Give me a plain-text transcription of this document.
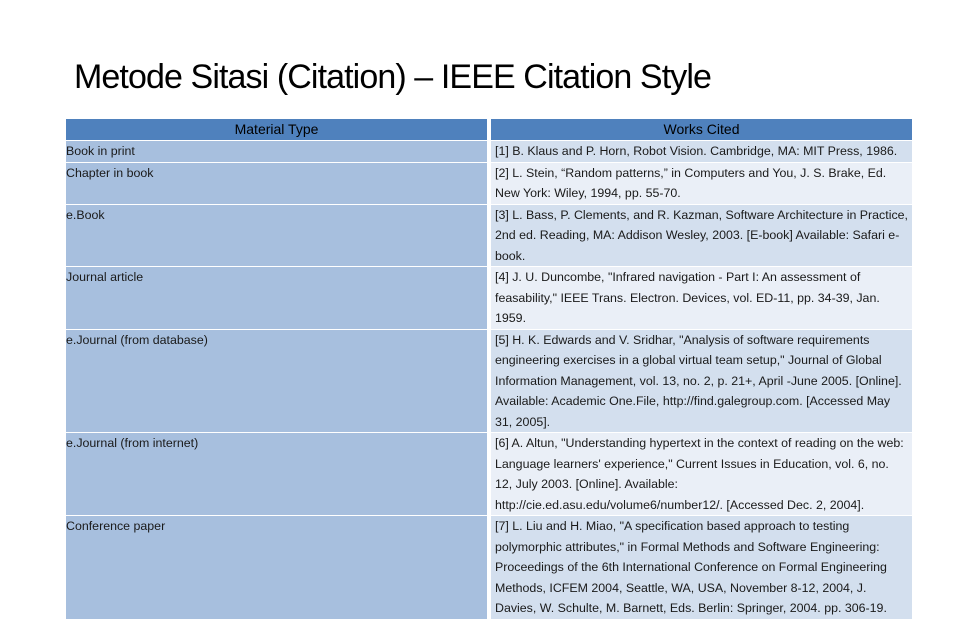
Metode Sitasi (Citation) – IEEE Citation Style
Material Type	Works Cited
Book in print	[1] B. Klaus and P. Horn, Robot Vision. Cambridge, MA: MIT Press, 1986.
Chapter in book	[2] L. Stein, “Random patterns,” in Computers and You, J. S. Brake, Ed. New York: Wiley, 1994, pp. 55-70.
e.Book	[3] L. Bass, P. Clements, and R. Kazman, Software Architecture in Practice, 2nd ed. Reading, MA: Addison Wesley, 2003. [E-book] Available: Safari e-book.
Journal article	[4] J. U. Duncombe, "Infrared navigation - Part I: An assessment of feasability," IEEE Trans. Electron. Devices, vol. ED-11, pp. 34-39, Jan. 1959.
e.Journal (from database)	[5] H. K. Edwards and V. Sridhar, "Analysis of software requirements engineering exercises in a global virtual team setup," Journal of Global Information Management, vol. 13, no. 2, p. 21+, April -June 2005. [Online]. Available: Academic One.File, http://find.galegroup.com. [Accessed May 31, 2005].
e.Journal (from internet)	[6] A. Altun, "Understanding hypertext in the context of reading on the web: Language learners' experience," Current Issues in Education, vol. 6, no. 12, July 2003. [Online]. Available: http://cie.ed.asu.edu/volume6/number12/. [Accessed Dec. 2, 2004].
Conference paper	[7] L. Liu and H. Miao, "A specification based approach to testing polymorphic attributes," in Formal Methods and Software Engineering: Proceedings of the 6th International Conference on Formal Engineering Methods, ICFEM 2004, Seattle, WA, USA, November 8-12, 2004, J. Davies, W. Schulte, M. Barnett, Eds. Berlin: Springer, 2004. pp. 306-19.
